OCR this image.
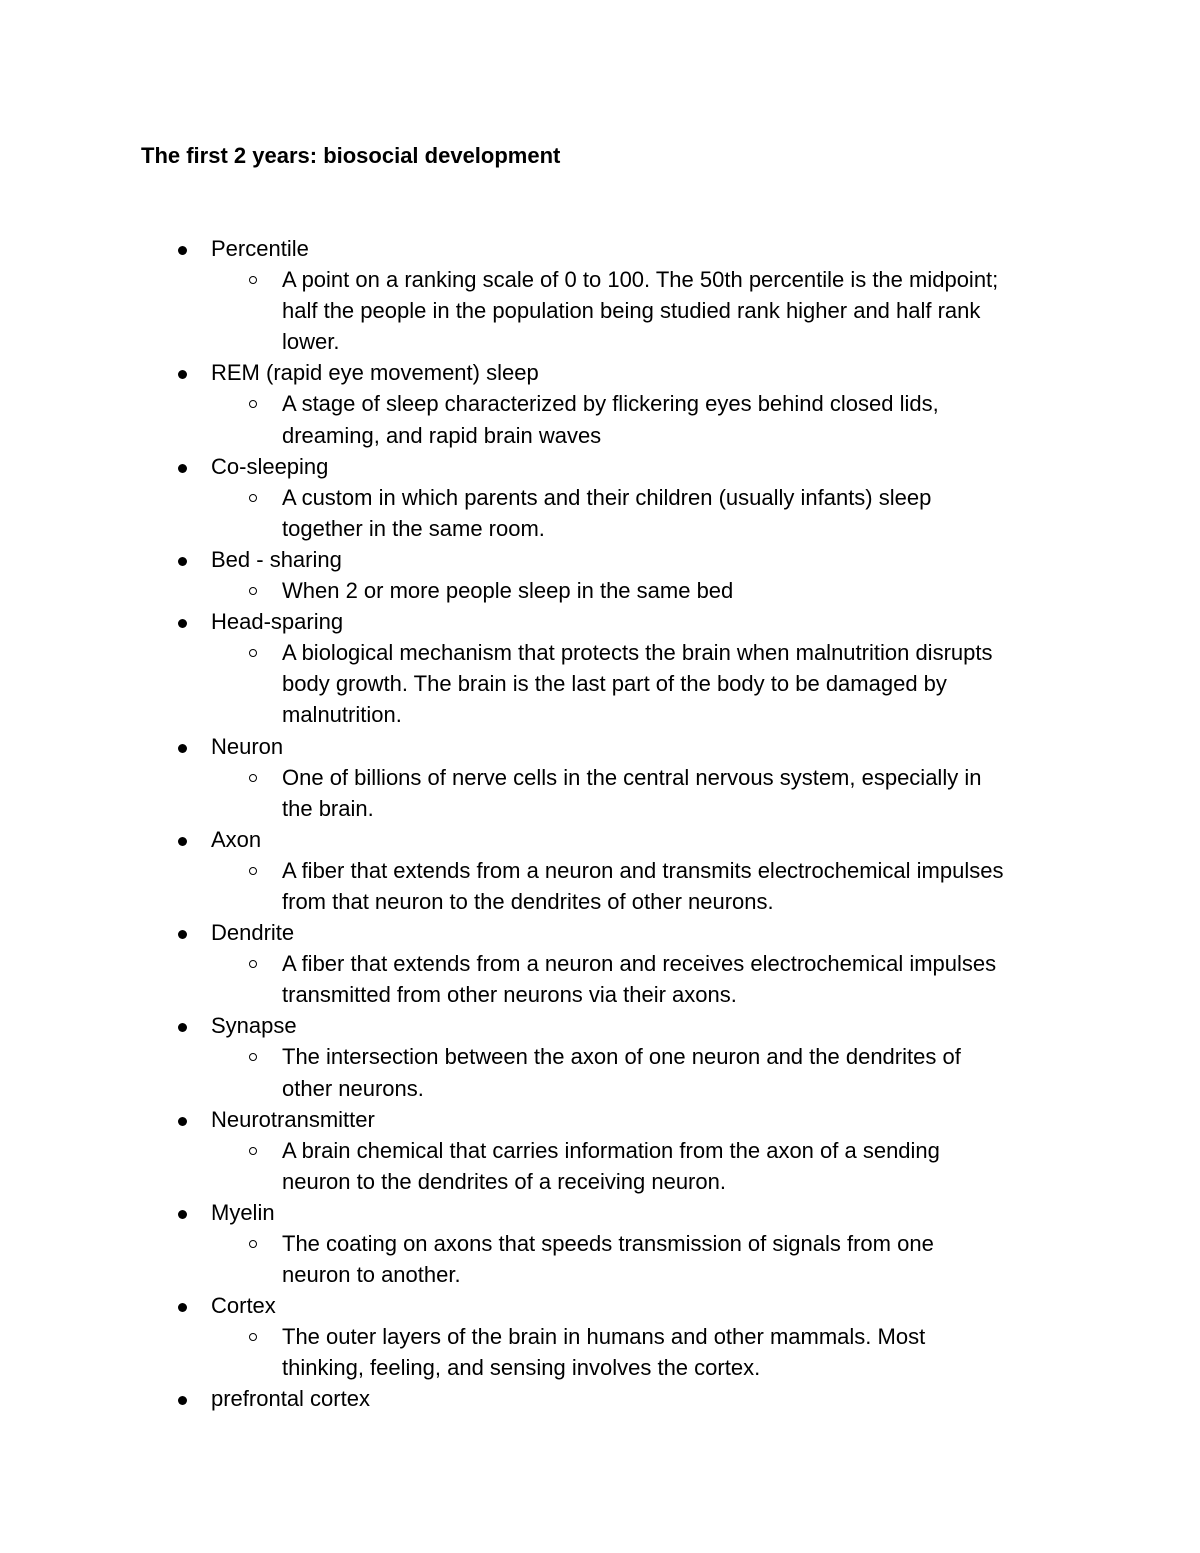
The first 2 years: biosocial development
Percentile
A point on a ranking scale of 0 to 100. The 50th percentile is the midpoint;
half the people in the population being studied rank higher and half rank
lower.
REM (rapid eye movement) sleep
A stage of sleep characterized by flickering eyes behind closed lids,
dreaming, and rapid brain waves
Co-sleeping
A custom in which parents and their children (usually infants) sleep
together in the same room.
Bed - sharing
When 2 or more people sleep in the same bed
Head-sparing
A biological mechanism that protects the brain when malnutrition disrupts
body growth. The brain is the last part of the body to be damaged by
malnutrition.
Neuron
One of billions of nerve cells in the central nervous system, especially in
the brain.
Axon
A fiber that extends from a neuron and transmits electrochemical impulses
from that neuron to the dendrites of other neurons.
Dendrite
A fiber that extends from a neuron and receives electrochemical impulses
transmitted from other neurons via their axons.
Synapse
The intersection between the axon of one neuron and the dendrites of
other neurons.
Neurotransmitter
A brain chemical that carries information from the axon of a sending
neuron to the dendrites of a receiving neuron.
Myelin
The coating on axons that speeds transmission of signals from one
neuron to another.
Cortex
The outer layers of the brain in humans and other mammals. Most
thinking, feeling, and sensing involves the cortex.
prefrontal cortex
